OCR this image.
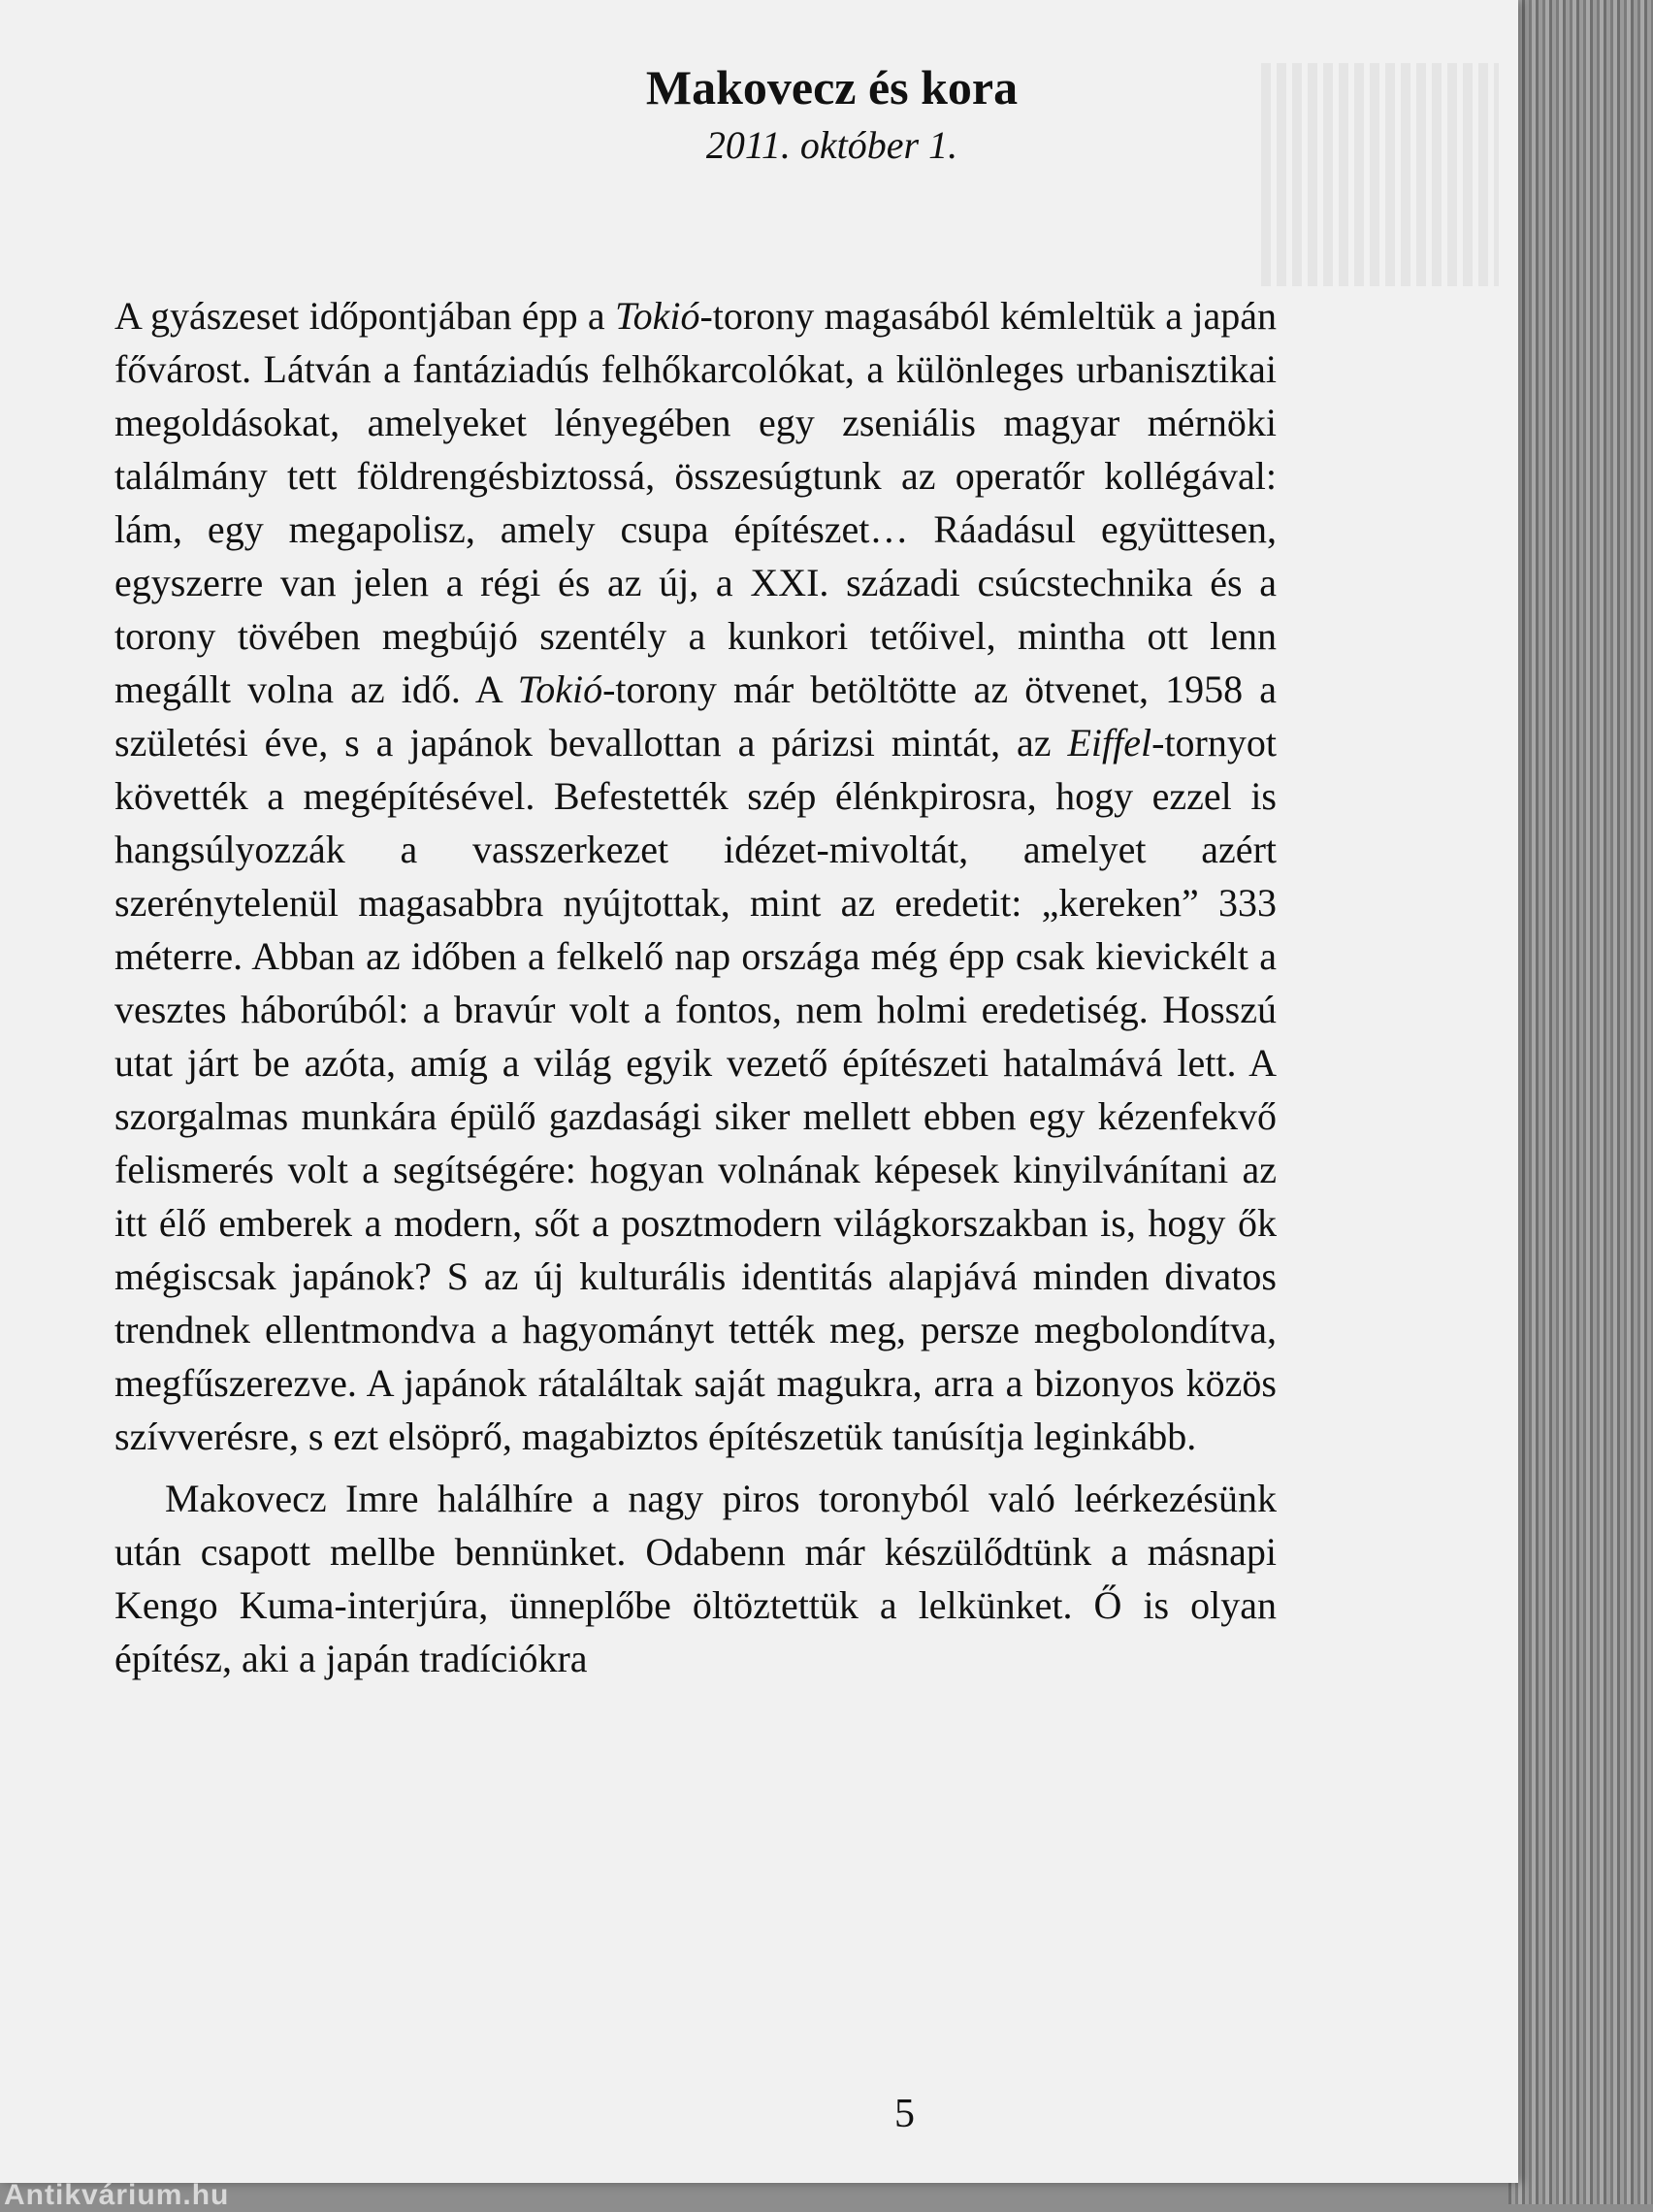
Makovecz és kora
2011. október 1.

A gyászeset időpontjában épp a Tokió-torony magasából kémleltük a japán fővárost. Látván a fantáziadús felhőkarcolókat, a különleges urbanisztikai megoldásokat, amelyeket lényegében egy zseniális magyar mérnöki találmány tett földrengésbiztossá, összesúgtunk az operatőr kollégával: lám, egy megapolisz, amely csupa építészet… Ráadásul együttesen, egyszerre van jelen a régi és az új, a XXI. századi csúcstechnika és a torony tövében megbújó szentély a kunkori tetőivel, mintha ott lenn megállt volna az idő. A Tokió-torony már betöltötte az ötvenet, 1958 a születési éve, s a japánok bevallottan a párizsi mintát, az Eiffel-tornyot követték a megépítésével. Befestették szép élénkpirosra, hogy ezzel is hangsúlyozzák a vasszerkezet idézet-mivoltát, amelyet azért szerénytelenül magasabbra nyújtottak, mint az eredetit: „kereken” 333 méterre. Abban az időben a felkelő nap országa még épp csak kievickélt a vesztes háborúból: a bravúr volt a fontos, nem holmi eredetiség. Hosszú utat járt be azóta, amíg a világ egyik vezető építészeti hatalmává lett. A szorgalmas munkára épülő gazdasági siker mellett ebben egy kézenfekvő felismerés volt a segítségére: hogyan volnának képesek kinyilvánítani az itt élő emberek a modern, sőt a posztmodern világkorszakban is, hogy ők mégiscsak japánok? S az új kulturális identitás alapjává minden divatos trendnek ellentmondva a hagyományt tették meg, persze megbolondítva, megfűszerezve. A japánok rátaláltak saját magukra, arra a bizonyos közös szívverésre, s ezt elsöprő, magabiztos építészetük tanúsítja leginkább.

Makovecz Imre halálhíre a nagy piros toronyból való leérkezésünk után csapott mellbe bennünket. Odabenn már készülődtünk a másnapi Kengo Kuma-interjúra, ünneplőbe öltöztettük a lelkünket. Ő is olyan építész, aki a japán tradíciókra

5
Antikvárium.hu
